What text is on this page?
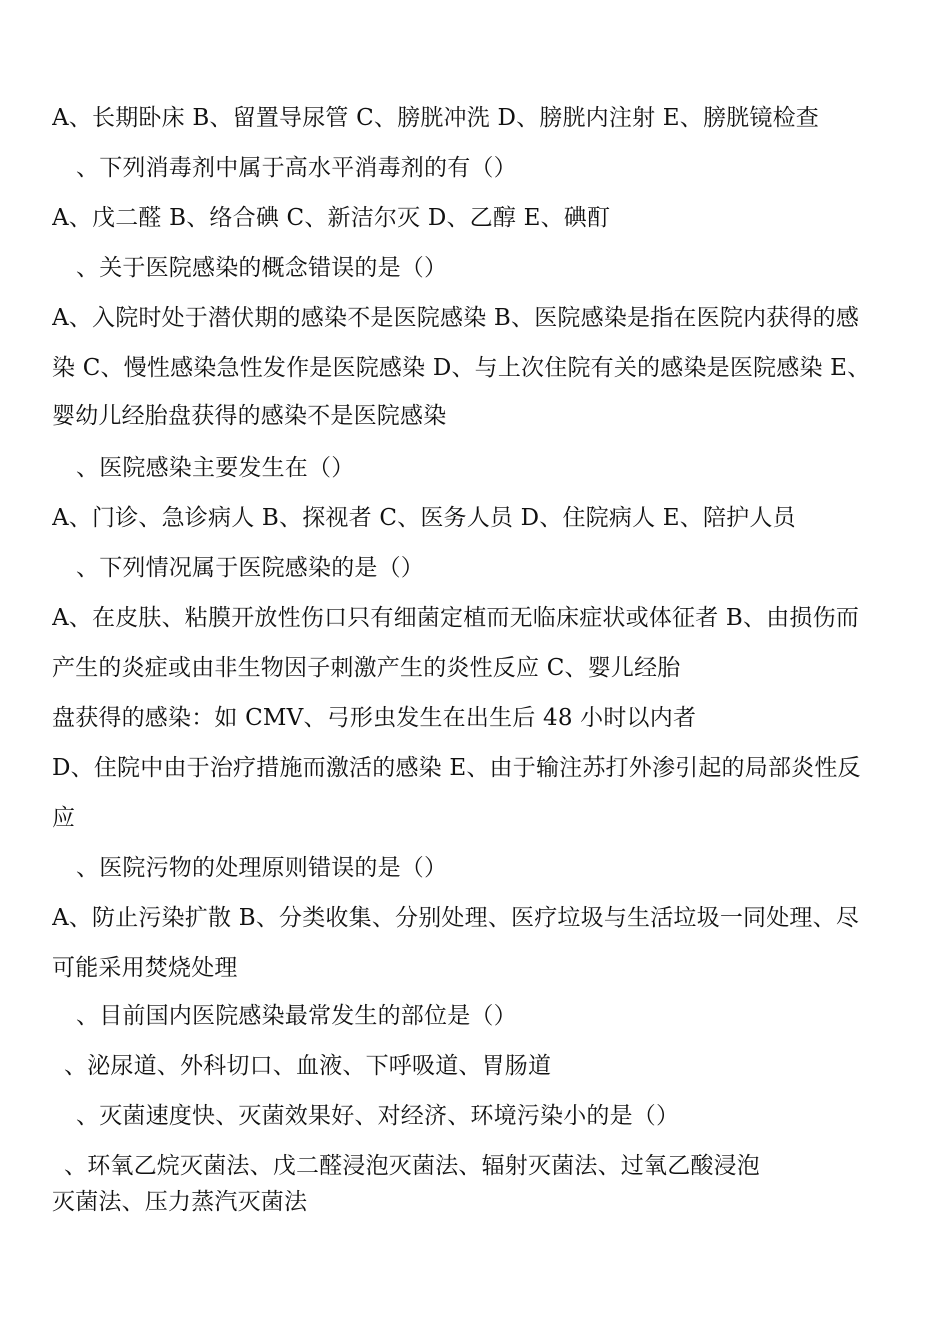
A、长期卧床 B、留置导尿管 C、膀胱冲洗 D、膀胱内注射 E、膀胱镜检查
、下列消毒剂中属于高水平消毒剂的有（）
A、戊二醛 B、络合碘 C、新洁尔灭 D、乙醇 E、碘酊
、关于医院感染的概念错误的是（）
A、入院时处于潜伏期的感染不是医院感染 B、医院感染是指在医院内获得的感
染 C、慢性感染急性发作是医院感染 D、与上次住院有关的感染是医院感染 E、
婴幼儿经胎盘获得的感染不是医院感染
、医院感染主要发生在（）
A、门诊、急诊病人 B、探视者 C、医务人员 D、住院病人 E、陪护人员
、下列情况属于医院感染的是（）
A、在皮肤、粘膜开放性伤口只有细菌定植而无临床症状或体征者 B、由损伤而
产生的炎症或由非生物因子刺激产生的炎性反应 C、婴儿经胎
盘获得的感染：如 CMV、弓形虫发生在出生后 48 小时以内者
D、住院中由于治疗措施而激活的感染 E、由于输注苏打外渗引起的局部炎性反
应
、医院污物的处理原则错误的是（）
A、防止污染扩散 B、分类收集、分别处理、医疗垃圾与生活垃圾一同处理、尽
可能采用焚烧处理
、目前国内医院感染最常发生的部位是（）
、泌尿道、外科切口、血液、下呼吸道、胃肠道
、灭菌速度快、灭菌效果好、对经济、环境污染小的是（）
、环氧乙烷灭菌法、戊二醛浸泡灭菌法、辐射灭菌法、过氧乙酸浸泡
灭菌法、压力蒸汽灭菌法
